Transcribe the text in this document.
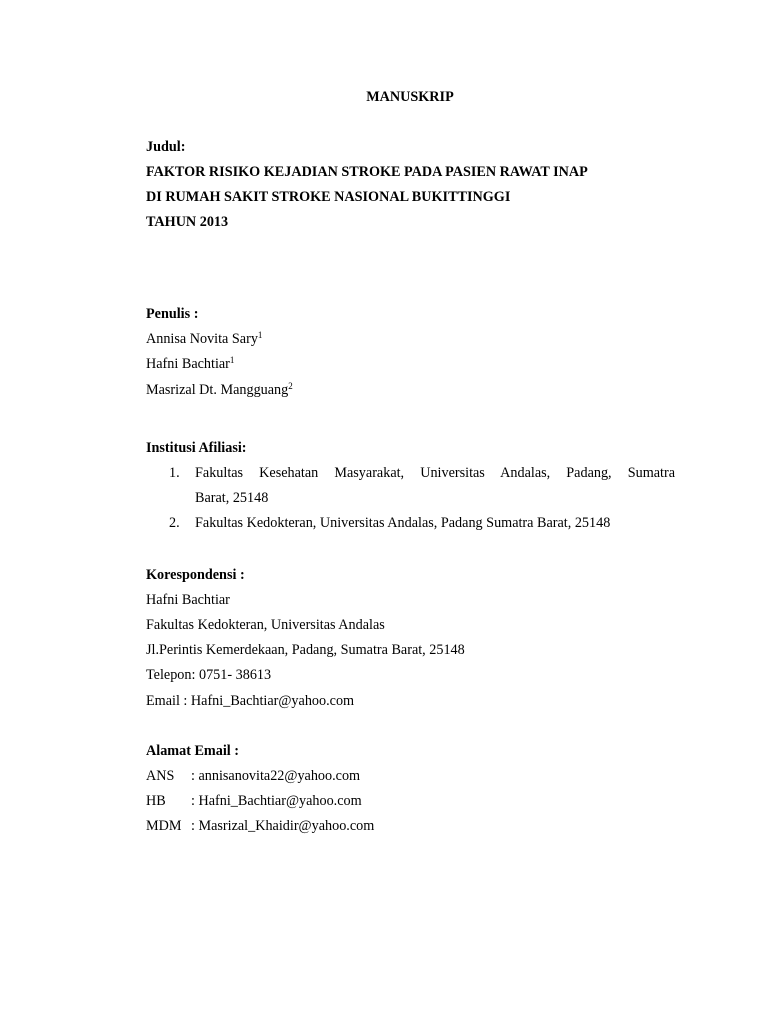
MANUSKRIP
Judul:
FAKTOR RISIKO KEJADIAN STROKE PADA PASIEN RAWAT INAP
DI RUMAH SAKIT STROKE NASIONAL BUKITTINGGI
TAHUN 2013
Penulis :
Annisa Novita Sary$^1$
Hafni Bachtiar$^1$
Masrizal Dt. Mangguang$^2$
Institusi Afiliasi:
1. Fakultas Kesehatan Masyarakat, Universitas Andalas, Padang, Sumatra
Barat, 25148
2. Fakultas Kedokteran, Universitas Andalas, Padang Sumatra Barat, 25148
Korespondensi :
Hafni Bachtiar
Fakultas Kedokteran, Universitas Andalas
Jl.Perintis Kemerdekaan, Padang, Sumatra Barat, 25148
Telepon: 0751- 38613
Email : Hafni_Bachtiar@yahoo.com
Alamat Email :
ANS : annisanovita22@yahoo.com
HB : Hafni_Bachtiar@yahoo.com
MDM : Masrizal_Khaidir@yahoo.com
